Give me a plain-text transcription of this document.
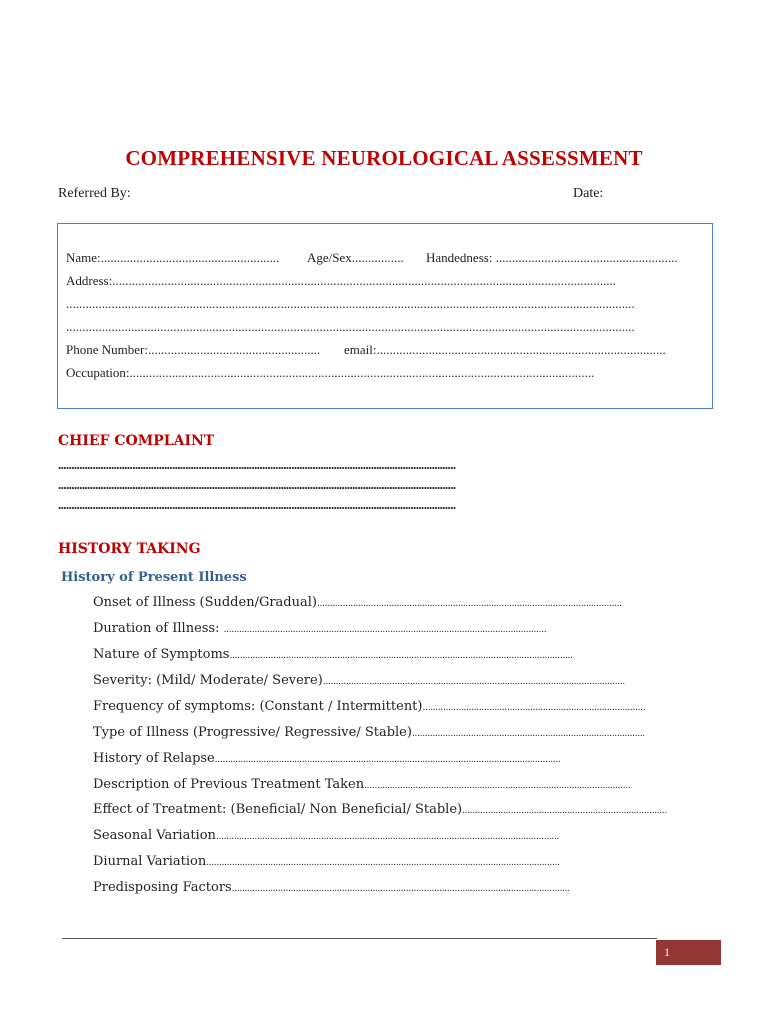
COMPREHENSIVE NEUROLOGICAL ASSESSMENT
Referred By:	Date:
Name:.......................................................	Age/Sex................	Handedness: ........................................................
Address:...........................................................................................................................................................
...............................................................................................................................................................................
...............................................................................................................................................................................
Phone Number:.....................................................	email:.........................................................................................
Occupation:...............................................................................................................................................
CHIEF COMPLAINT
......................................................................................................................................................
......................................................................................................................................................
......................................................................................................................................................
HISTORY TAKING
History of Present Illness
Onset of Illness (Sudden/Gradual).......................................................................................................................
Duration of Illness: ..............................................................................................................................
Nature of Symptoms......................................................................................................................................
Severity: (Mild/ Moderate/ Severe)......................................................................................................................
Frequency of symptoms: (Constant / Intermittent).......................................................................................
Type of Illness (Progressive/ Regressive/ Stable)...........................................................................................
History of Relapse.......................................................................................................................................
Description of Previous Treatment Taken........................................................................................................
Effect of Treatment: (Beneficial/ Non Beneficial/ Stable)................................................................................
Seasonal Variation......................................................................................................................................
Diurnal Variation..........................................................................................................................................
Predisposing Factors....................................................................................................................................
1
